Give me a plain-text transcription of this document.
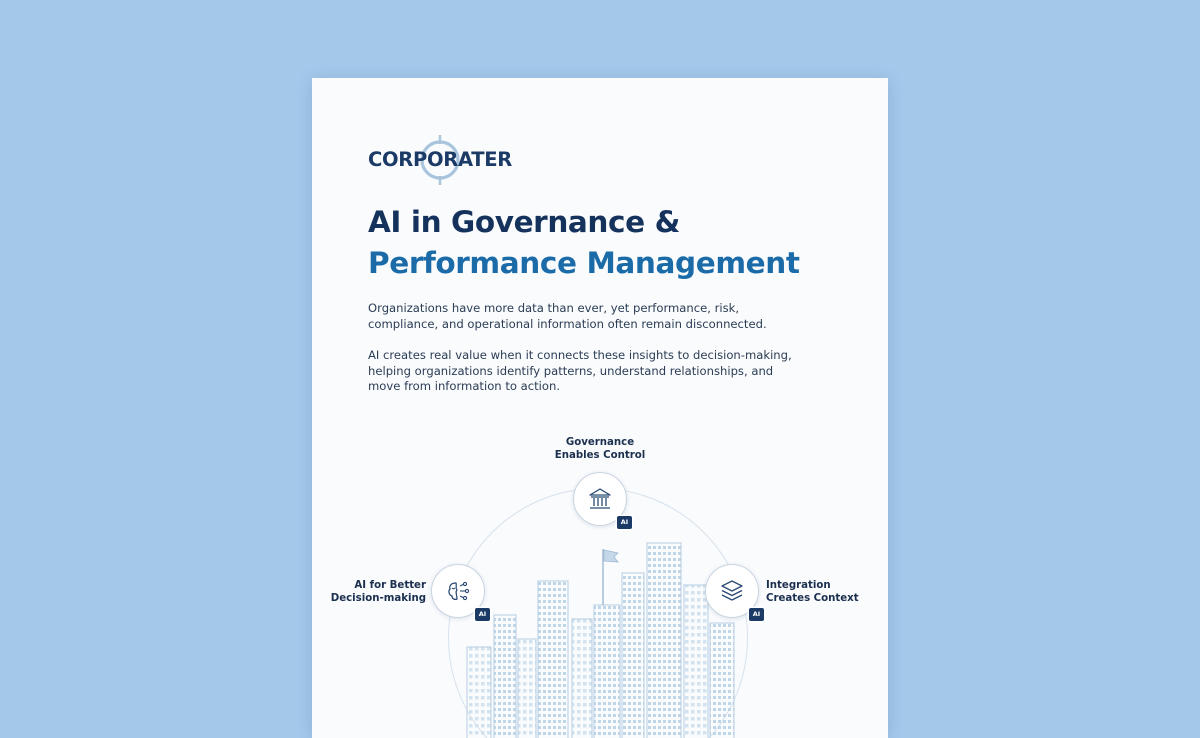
CORPORATER
AI in Governance &
Performance Management

Organizations have more data than ever, yet performance, risk, compliance, and operational information often remain disconnected.

AI creates real value when it connects these insights to decision-making, helping organizations identify patterns, understand relationships, and move from information to action.

AI
AI	AI

Governance
Enables Control

AI for Better
Decision-making

Integration
Creates Context
